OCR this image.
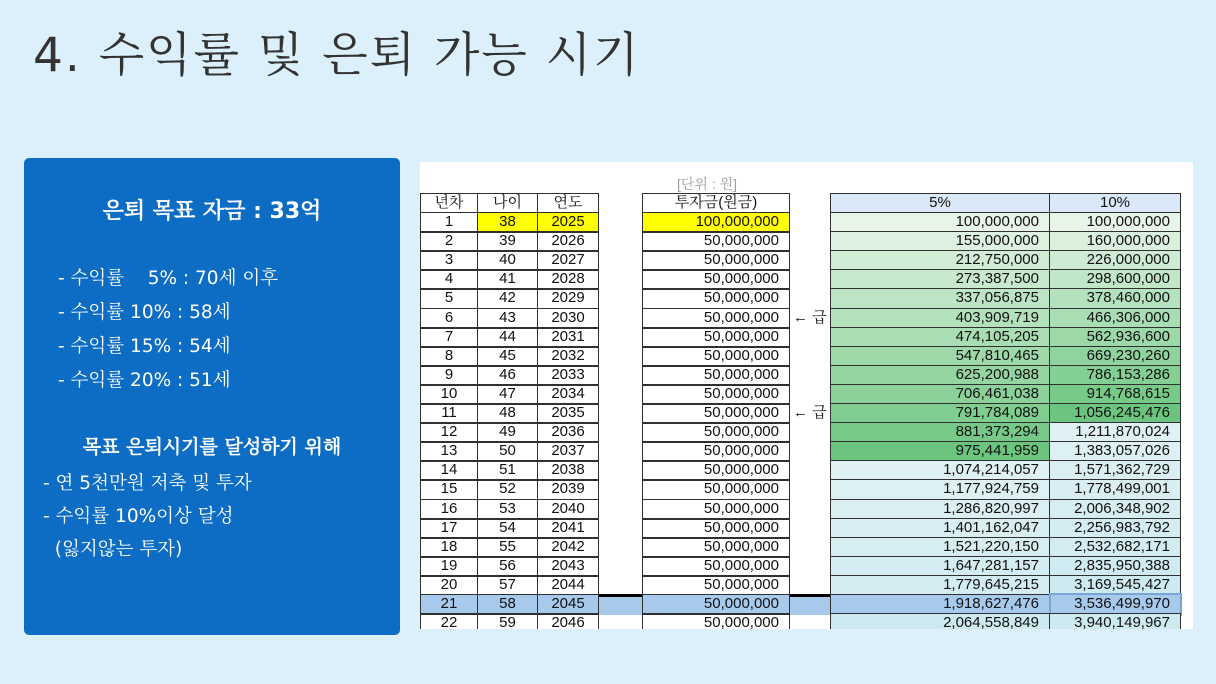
4. 수익률 및 은퇴 가능 시기
은퇴 목표 자금 : 33억
- 수익률    5% : 70세 이후
- 수익률 10% : 58세
- 수익률 15% : 54세
- 수익률 20% : 51세
목표 은퇴시기를 달성하기 위해
- 연 5천만원 저축 및 투자
- 수익률 10%이상 달성
(잃지않는 투자)
[단위 : 원]
년차	나이	연도	투자금(원금)	5%	10%
1	38	2025	100,000,000	100,000,000	100,000,000
2	39	2026	50,000,000	155,000,000	160,000,000
3	40	2027	50,000,000	212,750,000	226,000,000
4	41	2028	50,000,000	273,387,500	298,600,000
5	42	2029	50,000,000	337,056,875	378,460,000
6	43	2030	50,000,000	403,909,719	466,306,000
← 급
7	44	2031	50,000,000	474,105,205	562,936,600
8	45	2032	50,000,000	547,810,465	669,230,260
9	46	2033	50,000,000	625,200,988	786,153,286
10	47	2034	50,000,000	706,461,038	914,768,615
11	48	2035	50,000,000	791,784,089	1,056,245,476
← 급
12	49	2036	50,000,000	881,373,294	1,211,870,024
13	50	2037	50,000,000	975,441,959	1,383,057,026
14	51	2038	50,000,000	1,074,214,057	1,571,362,729
15	52	2039	50,000,000	1,177,924,759	1,778,499,001
16	53	2040	50,000,000	1,286,820,997	2,006,348,902
17	54	2041	50,000,000	1,401,162,047	2,256,983,792
18	55	2042	50,000,000	1,521,220,150	2,532,682,171
19	56	2043	50,000,000	1,647,281,157	2,835,950,388
20	57	2044	50,000,000	1,779,645,215	3,169,545,427
21	58	2045	50,000,000	1,918,627,476	3,536,499,970
22	59	2046	50,000,000	2,064,558,849	3,940,149,967
